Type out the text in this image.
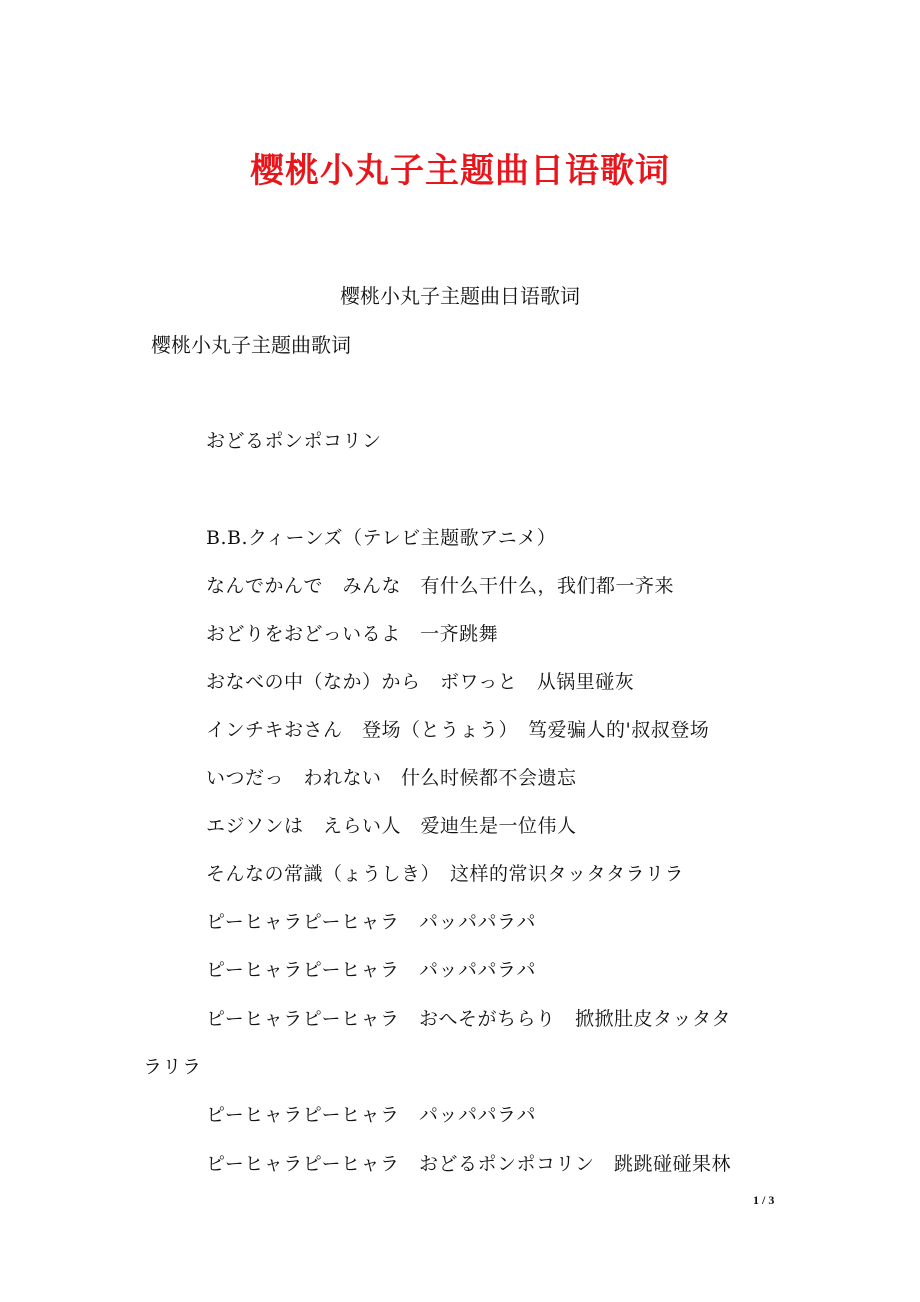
樱桃小丸子主题曲日语歌词
樱桃小丸子主题曲日语歌词
樱桃小丸子主题曲歌词
おどるポンポコリン
B.B.クィーンズ（テレビ主题歌アニメ）
なんでかんで　みんな　有什么干什么，我们都一齐来
おどりをおどっいるよ　一齐跳舞
おなべの中（なか）から　ボワっと　从锅里碰灰
インチキおさん　登场（とうょう）　笃爱骗人的'叔叔登场
いつだっ　われない　什么时候都不会遗忘
エジソンは　えらい人　爱迪生是一位伟人
そんなの常識（ょうしき）　这样的常识タッタタラリラ
ピーヒャラピーヒャラ　パッパパラパ
ピーヒャラピーヒャラ　パッパパラパ
ピーヒャラピーヒャラ　おへそがちらり　掀掀肚皮タッタタ
ラリラ
ピーヒャラピーヒャラ　パッパパラパ
ピーヒャラピーヒャラ　おどるポンポコリン　跳跳碰碰果林
1 / 3
